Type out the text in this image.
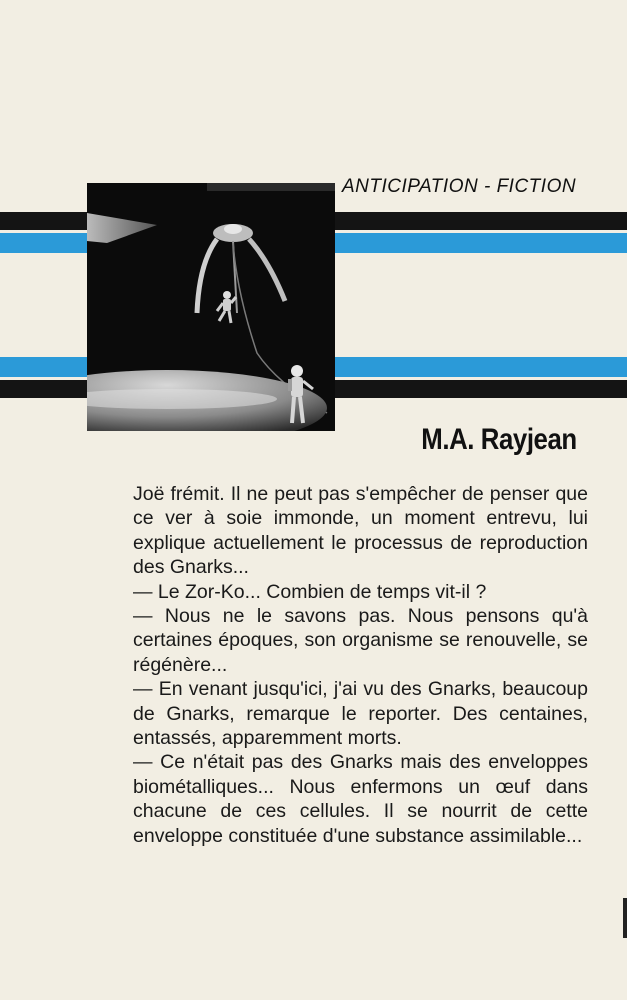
ANTICIPATION - FICTION
M.A. Rayjean

Joë frémit. Il ne peut pas s'empêcher de penser que ce ver à soie immonde, un moment entrevu, lui explique actuellement le processus de reproduction des Gnarks...

— Le Zor-Ko... Combien de temps vit-il ?

— Nous ne le savons pas. Nous pensons qu'à certaines époques, son organisme se renouvelle, se régénère...

— En venant jusqu'ici, j'ai vu des Gnarks, beaucoup de Gnarks, remarque le reporter. Des centaines, entassés, apparemment morts.

— Ce n'était pas des Gnarks mais des enveloppes biométalliques... Nous enfermons un œuf dans chacune de ces cellules. Il se nourrit de cette enveloppe constituée d'une substance assimilable...
